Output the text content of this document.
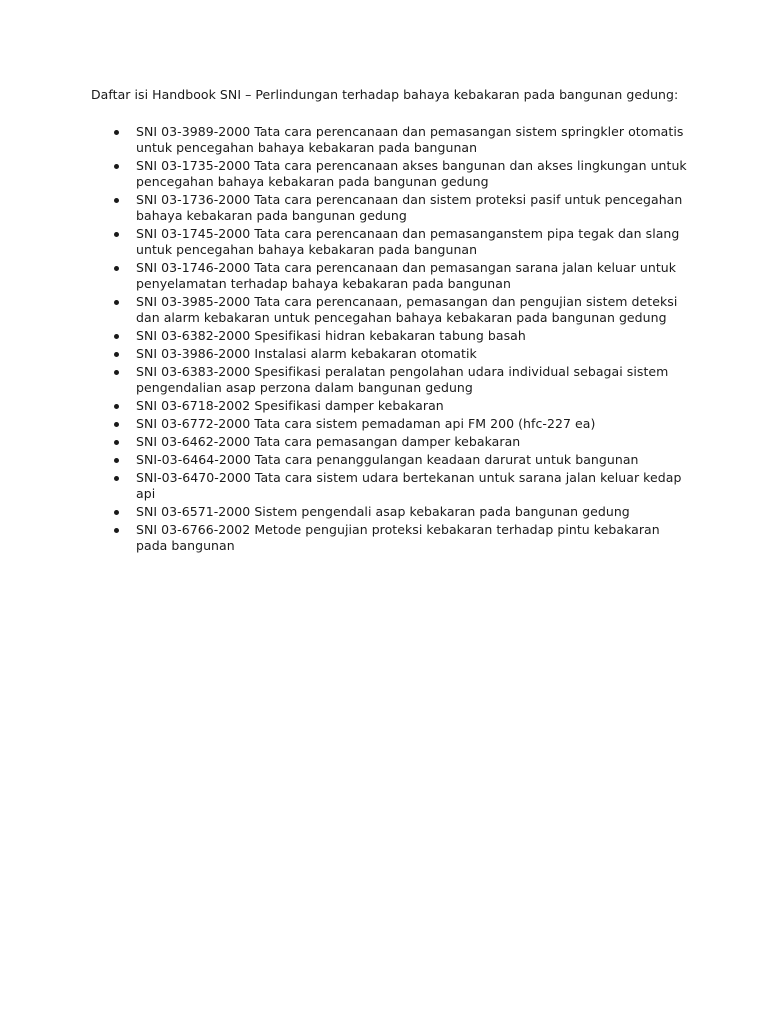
Daftar isi Handbook SNI – Perlindungan terhadap bahaya kebakaran pada bangunan gedung:

SNI 03-3989-2000 Tata cara perencanaan dan pemasangan sistem springkler otomatis untuk pencegahan bahaya kebakaran pada bangunan
SNI 03-1735-2000 Tata cara perencanaan akses bangunan dan akses lingkungan untuk pencegahan bahaya kebakaran pada bangunan gedung
SNI 03-1736-2000 Tata cara perencanaan dan sistem proteksi pasif untuk pencegahan bahaya kebakaran pada bangunan gedung
SNI 03-1745-2000 Tata cara perencanaan dan pemasanganstem pipa tegak dan slang untuk pencegahan bahaya kebakaran pada bangunan
SNI 03-1746-2000 Tata cara perencanaan dan pemasangan sarana jalan keluar untuk penyelamatan terhadap bahaya kebakaran pada bangunan
SNI 03-3985-2000 Tata cara perencanaan, pemasangan dan pengujian sistem deteksi dan alarm kebakaran untuk pencegahan bahaya kebakaran pada bangunan gedung
SNI 03-6382-2000 Spesifikasi hidran kebakaran tabung basah
SNI 03-3986-2000 Instalasi alarm kebakaran otomatik
SNI 03-6383-2000 Spesifikasi peralatan pengolahan udara individual sebagai sistem pengendalian asap perzona dalam bangunan gedung
SNI 03-6718-2002 Spesifikasi damper kebakaran
SNI 03-6772-2000 Tata cara sistem pemadaman api FM 200 (hfc-227 ea)
SNI 03-6462-2000 Tata cara pemasangan damper kebakaran
SNI-03-6464-2000 Tata cara penanggulangan keadaan darurat untuk bangunan
SNI-03-6470-2000 Tata cara sistem udara bertekanan untuk sarana jalan keluar kedap api
SNI 03-6571-2000 Sistem pengendali asap kebakaran pada bangunan gedung
SNI 03-6766-2002 Metode pengujian proteksi kebakaran terhadap pintu kebakaran pada bangunan
